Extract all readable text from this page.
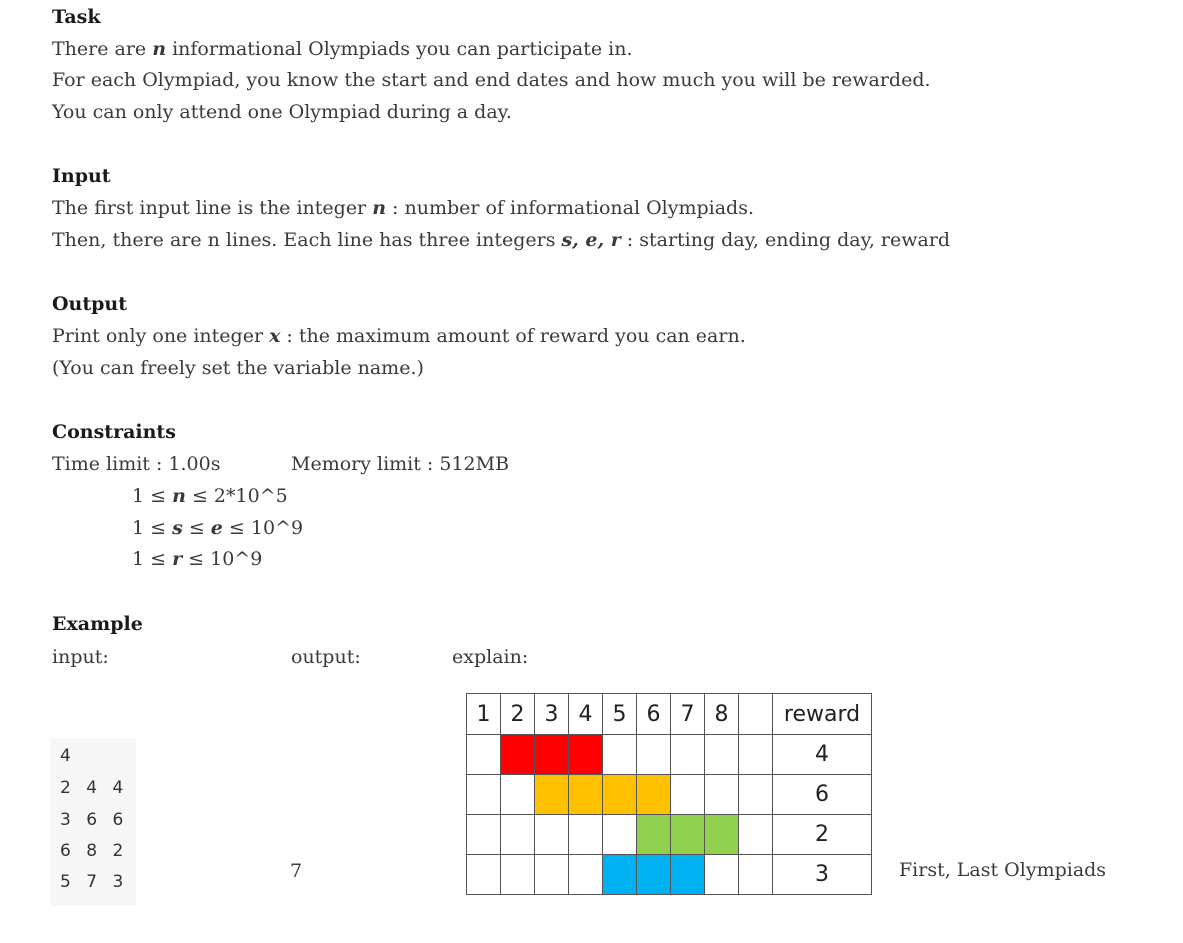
Task
There are n informational Olympiads you can participate in.
For each Olympiad, you know the start and end dates and how much you will be rewarded.
You can only attend one Olympiad during a day.
Input
The first input line is the integer n : number of informational Olympiads.
Then, there are n lines. Each line has three integers s, e, r : starting day, ending day, reward
Output
Print only one integer x : the maximum amount of reward you can earn.
(You can freely set the variable name.)
Constraints
Time limit : 1.00s	Memory limit : 512MB
1 ≤ n ≤ 2*10^5
1 ≤ s ≤ e ≤ 10^9
1 ≤ r ≤ 10^9
Example
input:	output:	explain:
4
2 4 4
3 6 6
6 8 2
5 7 3	7	First, Last Olympiads
1	2	3	4	5	6	7	8		reward
									4
									6
									2
									3
